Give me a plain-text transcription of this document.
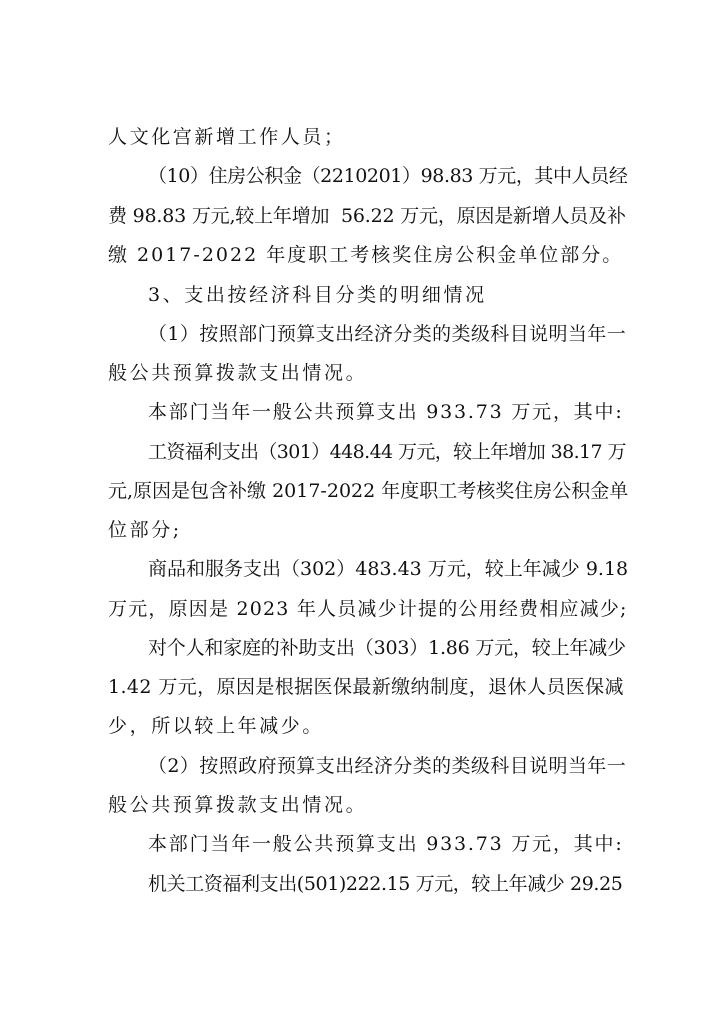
人文化宫新增工作人员；
（10）住房公积金（2210201）98.83 万元，其中人员经
费 98.83 万元,较上年增加  56.22 万元，原因是新增人员及补
缴 2017-2022 年度职工考核奖住房公积金单位部分。
3、支出按经济科目分类的明细情况
（1）按照部门预算支出经济分类的类级科目说明当年一
般公共预算拨款支出情况。
本部门当年一般公共预算支出 933.73 万元，其中:
工资福利支出（301）448.44 万元，较上年增加 38.17 万
元,原因是包含补缴 2017-2022 年度职工考核奖住房公积金单
位部分;
商品和服务支出（302）483.43 万元，较上年减少 9.18
万元，原因是 2023 年人员减少计提的公用经费相应减少;
对个人和家庭的补助支出（303）1.86 万元，较上年减少
1.42 万元，原因是根据医保最新缴纳制度，退休人员医保减
少，所以较上年减少。
（2）按照政府预算支出经济分类的类级科目说明当年一
般公共预算拨款支出情况。
本部门当年一般公共预算支出 933.73 万元，其中:
机关工资福利支出(501)222.15 万元，较上年减少 29.25
